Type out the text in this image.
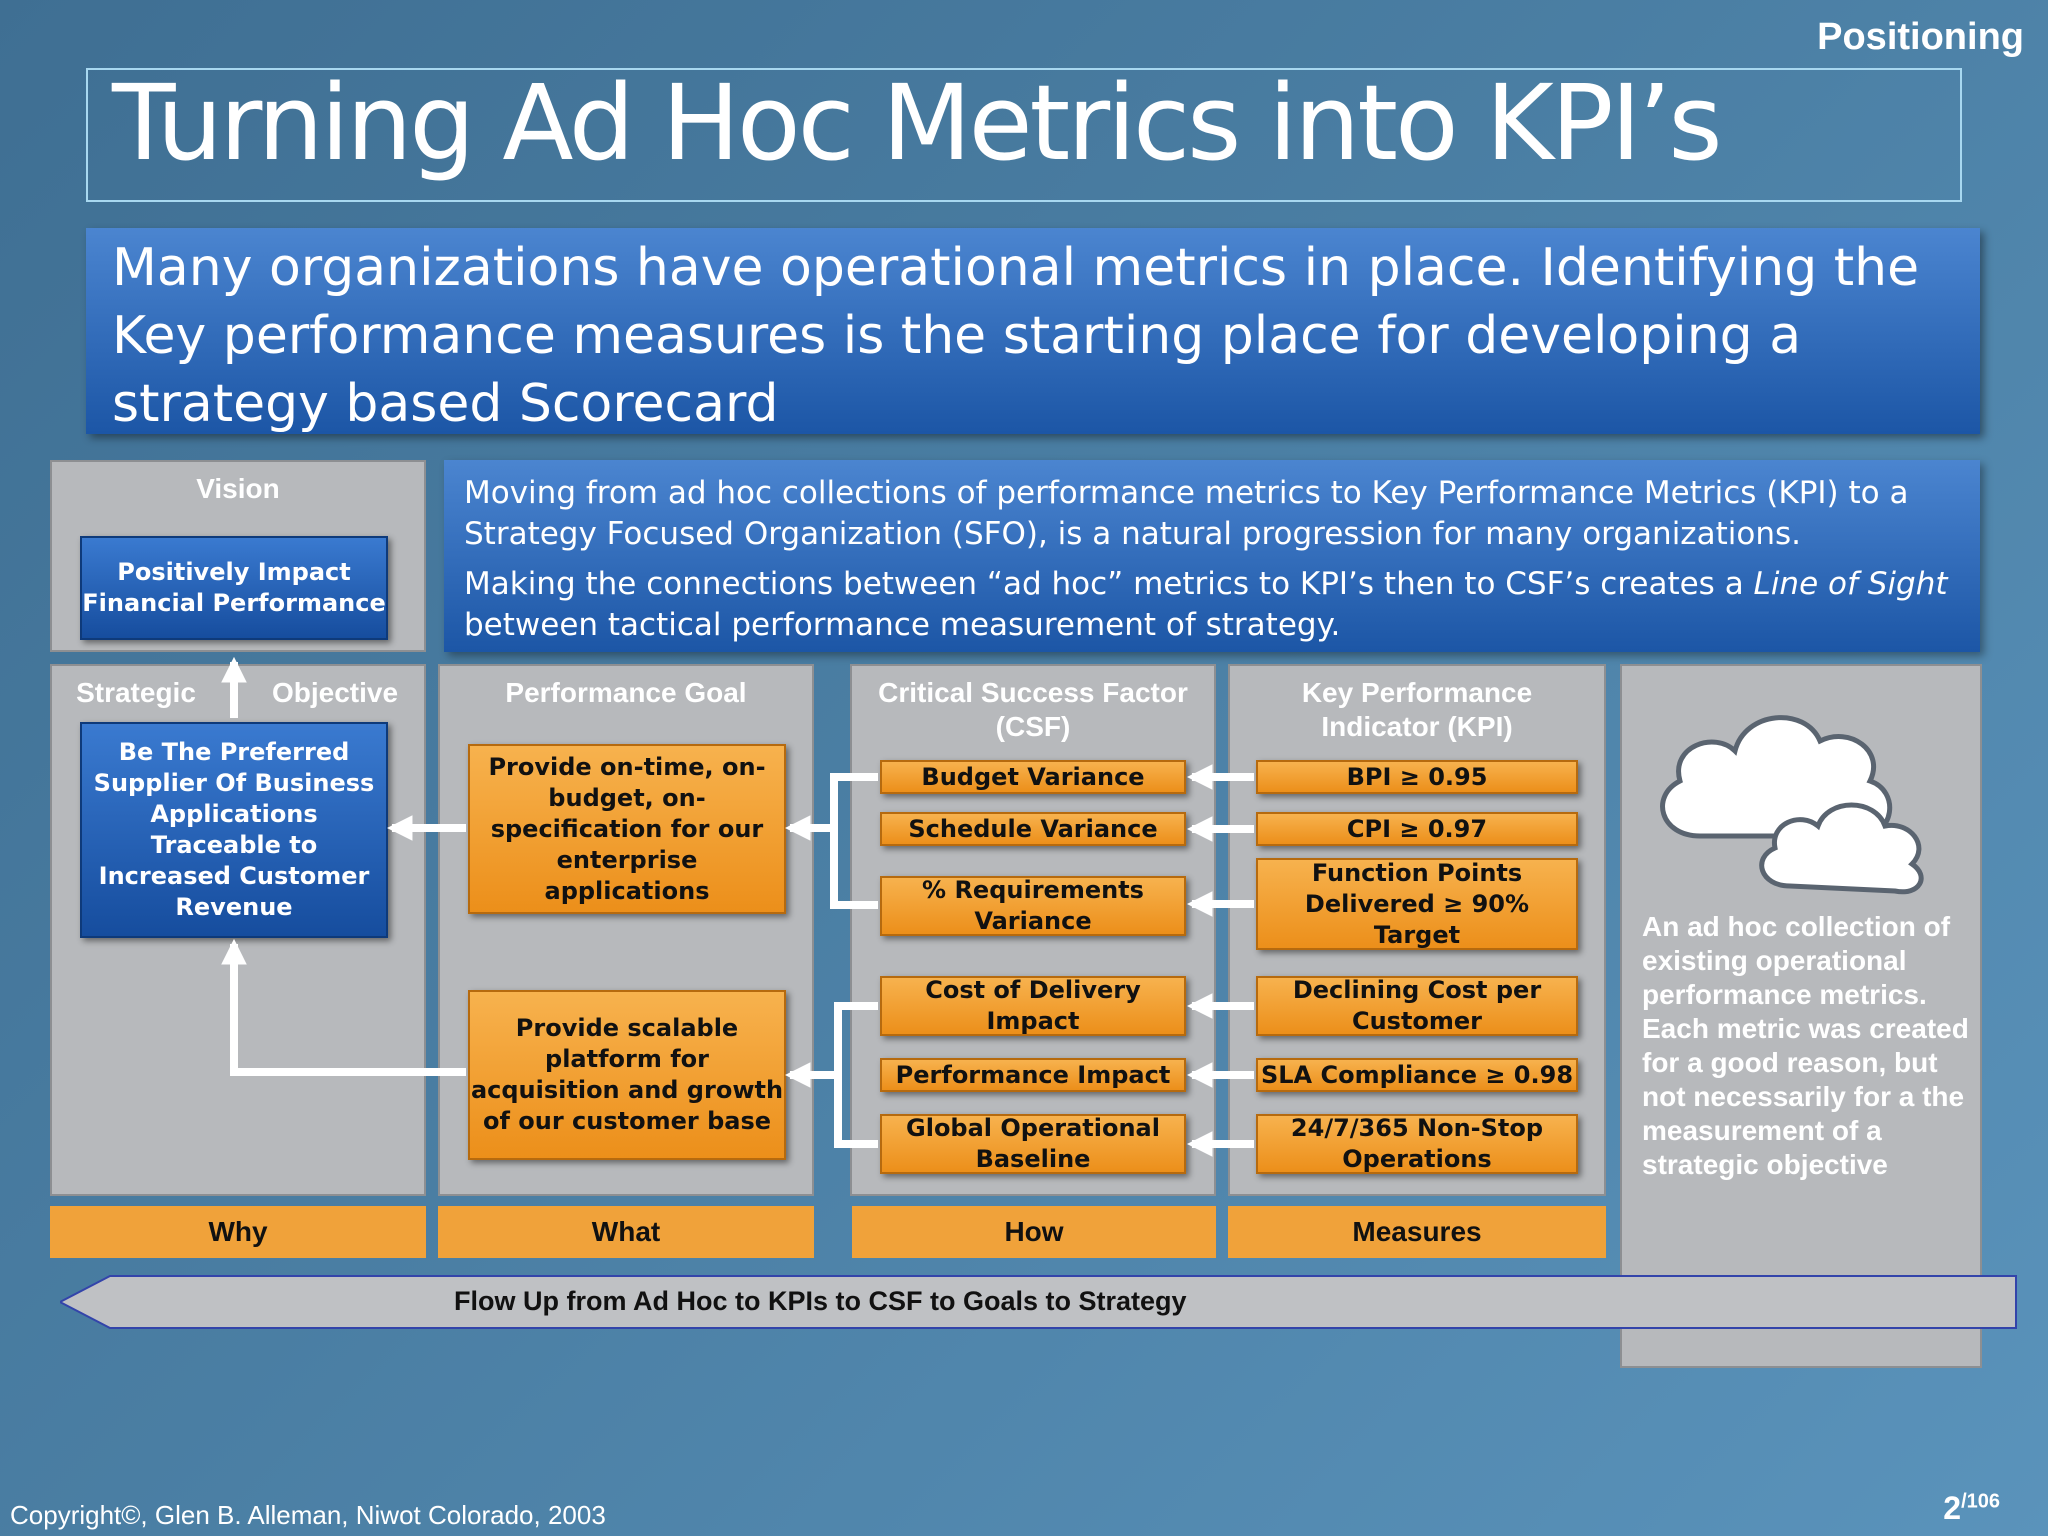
Positioning
Turning Ad Hoc Metrics into KPI’s
Many organizations have operational metrics in place. Identifying the Key performance measures is the starting place for developing a strategy based Scorecard
Vision
Positively Impact Financial Performance

Moving from ad hoc collections of performance metrics to Key Performance Metrics (KPI) to a Strategy Focused Organization (SFO), is a natural progression for many organizations.

Making the connections between “ad hoc” metrics to KPI’s then to CSF’s creates a Line of Sight between tactical performance measurement of strategy.

Strategic	Objective	Performance Goal	Critical Success Factor
(CSF)
Key Performance
Indicator (KPI)
Be The Preferred Supplier Of Business Applications Traceable to Increased Customer Revenue
Provide on-time, on-budget, on-specification for our enterprise applications
Provide scalable platform for acquisition and growth of our customer base
Budget Variance
Schedule Variance
% Requirements Variance
Cost of Delivery Impact
Performance Impact
Global Operational Baseline
BPI ≥ 0.95
CPI ≥ 0.97
Function Points Delivered ≥ 90% Target
Declining Cost per Customer
SLA Compliance ≥ 0.98
24/7/365 Non-Stop Operations
An ad hoc collection of existing operational performance metrics. Each metric was created for a good reason, but not necessarily for a the measurement of a strategic objective
Why	What	How	Measures
Flow Up from Ad Hoc to KPIs to CSF to Goals to Strategy
Copyright©, Glen B. Alleman, Niwot Colorado, 2003	$2^{/106}$
